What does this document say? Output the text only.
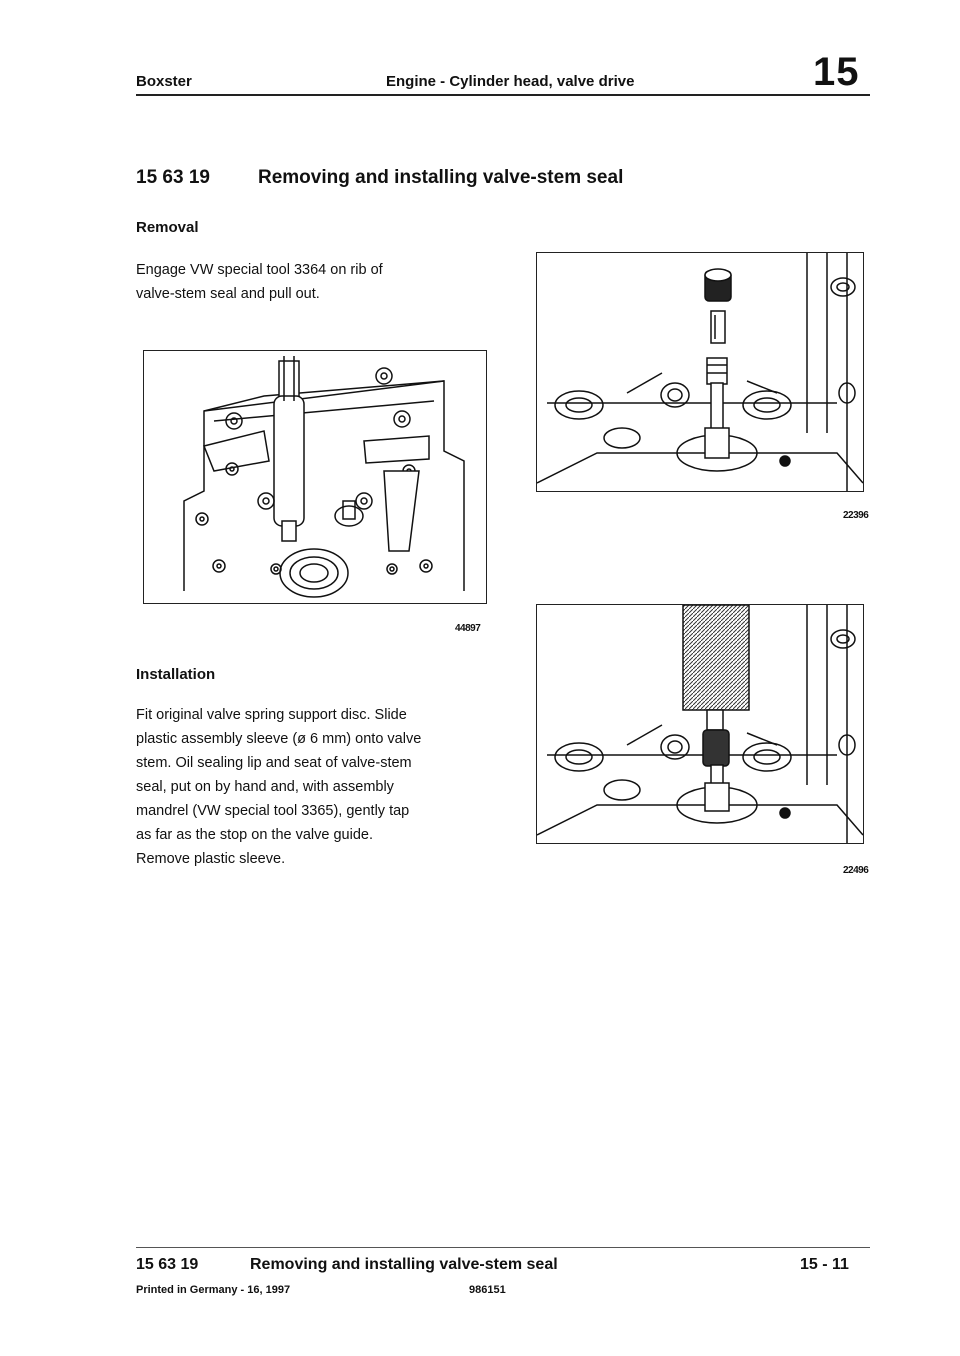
Boxster	Engine - Cylinder head, valve drive	15
15 63 19	Removing and installing valve-stem seal
Removal
Engage VW special tool 3364 on rib of
valve-stem seal and pull out.
44897
Installation
Fit original valve spring support disc. Slide
plastic assembly sleeve (ø 6 mm) onto valve
stem. Oil sealing lip and seat of valve-stem
seal, put on by hand and, with assembly
mandrel (VW special tool 3365), gently tap
as far as the stop on the valve guide.
Remove plastic sleeve.
22396
22496
15 63 19	Removing and installing valve-stem seal	15 - 11
Printed in Germany - 16, 1997	986151
